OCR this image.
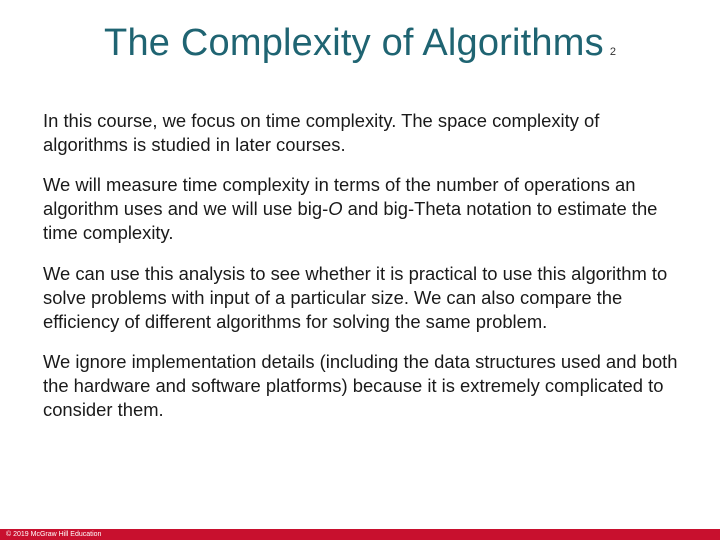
The Complexity of Algorithms 2

In this course, we focus on time complexity. The space complexity of algorithms is studied in later courses.

We will measure time complexity in terms of the number of operations an algorithm uses and we will use big-O and big-Theta notation to estimate the time complexity.

We can use this analysis to see whether it is practical to use this algorithm to solve problems with input of a particular size. We can also compare the efficiency of different algorithms for solving the same problem.

We ignore implementation details (including the data structures used and both the hardware and software platforms) because it is extremely complicated to consider them.

© 2019 McGraw Hill Education
